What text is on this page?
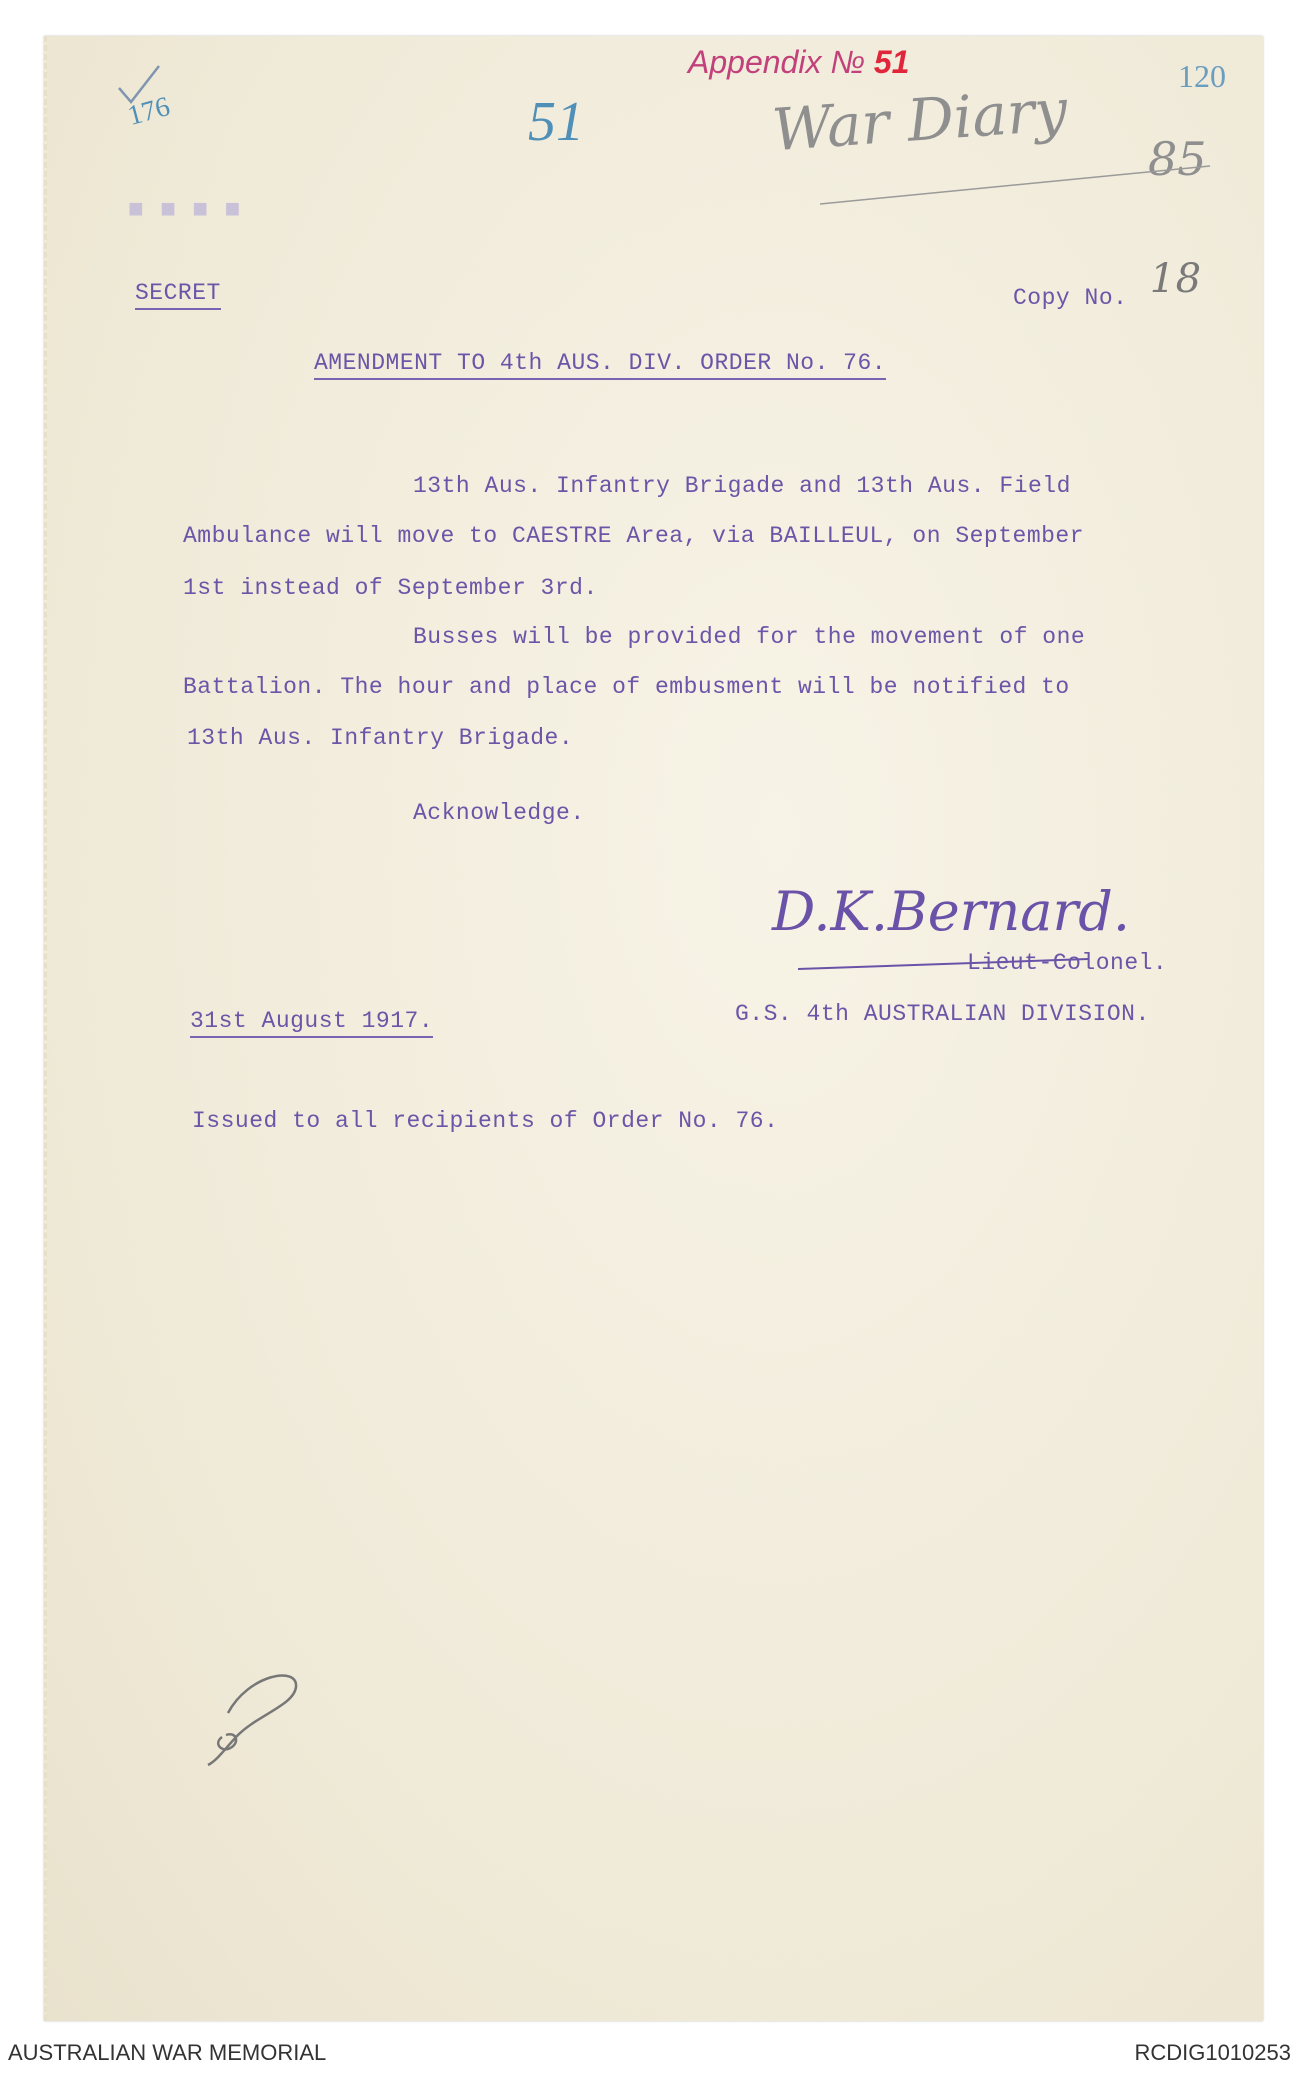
Appendix № 51
176	51
120
85
War Diary
■ ■ ■ ■
SECRET	Copy No. 18
AMENDMENT TO 4th AUS. DIV. ORDER No. 76.
13th Aus. Infantry Brigade and 13th Aus. Field
Ambulance will move to CAESTRE Area, via BAILLEUL, on September
1st instead of September 3rd.
Busses will be provided for the movement of one
Battalion. The hour and place of embusment will be notified to
13th Aus. Infantry Brigade.
Acknowledge.
D.K.Bernard.
Lieut-Colonel.
31st August 1917.	G.S. 4th AUSTRALIAN DIVISION.
Issued to all recipients of Order No. 76.
AUSTRALIAN WAR MEMORIAL	RCDIG1010253
